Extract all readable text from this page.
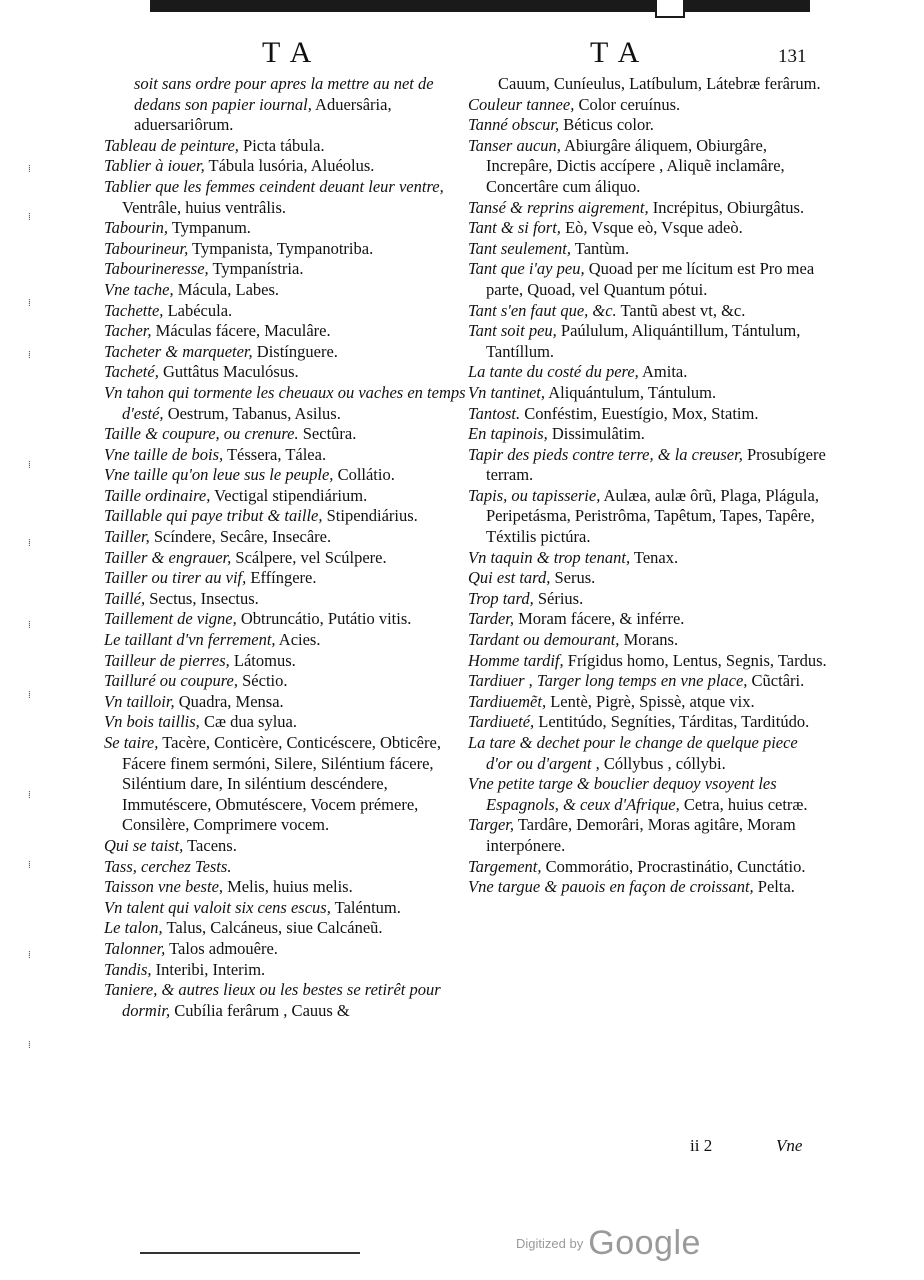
T A	T A	131
⁞
⁞
⁞
⁞
⁞
⁞
⁞
⁞
⁞
⁞
⁞
⁞
soit sans ordre pour apres la mettre au net de dedans son papier iournal, Aduersâria, aduersariôrum.
Tableau de peinture, Picta tábula.
Tablier à iouer, Tábula lusória, Aluéolus.
Tablier que les femmes ceindent deuant leur ventre, Ventrâle, huius ventrâlis.
Tabourin, Tympanum.
Tabourineur, Tympanista, Tympanotriba.
Tabourineresse, Tympanístria.
Vne tache, Mácula, Labes.
Tachette, Labécula.
Tacher, Máculas fácere, Maculâre.
Tacheter & marqueter, Distínguere.
Tacheté, Guttâtus Maculósus.
Vn tahon qui tormente les cheuaux ou vaches en temps d'esté, Oestrum, Tabanus, Asilus.
Taille & coupure, ou crenure. Sectûra.
Vne taille de bois, Téssera, Tálea.
Vne taille qu'on leue sus le peuple, Collátio.
Taille ordinaire, Vectigal stipendiárium.
Taillable qui paye tribut & taille, Stipendiárius.
Tailler, Scíndere, Secâre, Insecâre.
Tailler & engrauer, Scálpere, vel Scúlpere.
Tailler ou tirer au vif, Effíngere.
Taillé, Sectus, Insectus.
Taillement de vigne, Obtruncátio, Putátio vitis.
Le taillant d'vn ferrement, Acies.
Tailleur de pierres, Látomus.
Tailluré ou coupure, Séctio.
Vn tailloir, Quadra, Mensa.
Vn bois taillis, Cæ dua sylua.
Se taire, Tacère, Conticère, Conticéscere, Obticêre, Fácere finem sermóni, Silere, Siléntium fácere, Siléntium dare, In siléntium descéndere, Immutéscere, Obmutéscere, Vocem prémere, Consilère, Comprimere vocem.
Qui se taist, Tacens.
Tass, cerchez Tests.
Taisson vne beste, Melis, huius melis.
Vn talent qui valoit six cens escus, Taléntum.
Le talon, Talus, Calcáneus, siue Calcáneũ.
Talonner, Talos admouêre.
Tandis, Interibi, Interim.
Taniere, & autres lieux ou les bestes se retirêt pour dormir, Cubília ferârum , Cauus &
Cauum, Cuníeulus, Latíbulum, Látebræ ferârum.
Couleur tannee, Color ceruínus.
Tanné obscur, Béticus color.
Tanser aucun, Abiurgâre áliquem, Obiurgâre, Increpâre, Dictis accípere , Aliquẽ inclamâre, Concertâre cum áliquo.
Tansé & reprins aigrement, Incrépitus, Obiurgâtus.
Tant & si fort, Eò, Vsque eò, Vsque adeò.
Tant seulement, Tantùm.
Tant que i'ay peu, Quoad per me lícitum est Pro mea parte, Quoad, vel Quantum pótui.
Tant s'en faut que, &c. Tantũ abest vt, &c.
Tant soit peu, Paúlulum, Aliquántillum, Tántulum, Tantíllum.
La tante du costé du pere, Amita.
Vn tantinet, Aliquántulum, Tántulum.
Tantost. Conféstim, Euestígio, Mox, Statim.
En tapinois, Dissimulâtim.
Tapir des pieds contre terre, & la creuser, Prosubígere terram.
Tapis, ou tapisserie, Aulæa, aulæ ôrũ, Plaga, Plágula, Peripetásma, Peristrôma, Tapêtum, Tapes, Tapêre, Téxtilis pictúra.
Vn taquin & trop tenant, Tenax.
Qui est tard, Serus.
Trop tard, Sérius.
Tarder, Moram fácere, & inférre.
Tardant ou demourant, Morans.
Homme tardif, Frígidus homo, Lentus, Segnis, Tardus.
Tardiuer , Targer long temps en vne place, Cũctâri.
Tardiuemẽt, Lentè, Pigrè, Spissè, atque vix.
Tardiueté, Lentitúdo, Segníties, Tárditas, Tarditúdo.
La tare & dechet pour le change de quelque piece d'or ou d'argent , Cóllybus , cóllybi.
Vne petite targe & bouclier dequoy vsoyent les Espagnols, & ceux d'Afrique, Cetra, huius cetræ.
Targer, Tardâre, Demorâri, Moras agitâre, Moram interpónere.
Targement, Commorátio, Procrastinátio, Cunctátio.
Vne targue & pauois en façon de croissant, Pelta.
ii 2	Vne
$^{Digitized by}$ Google
